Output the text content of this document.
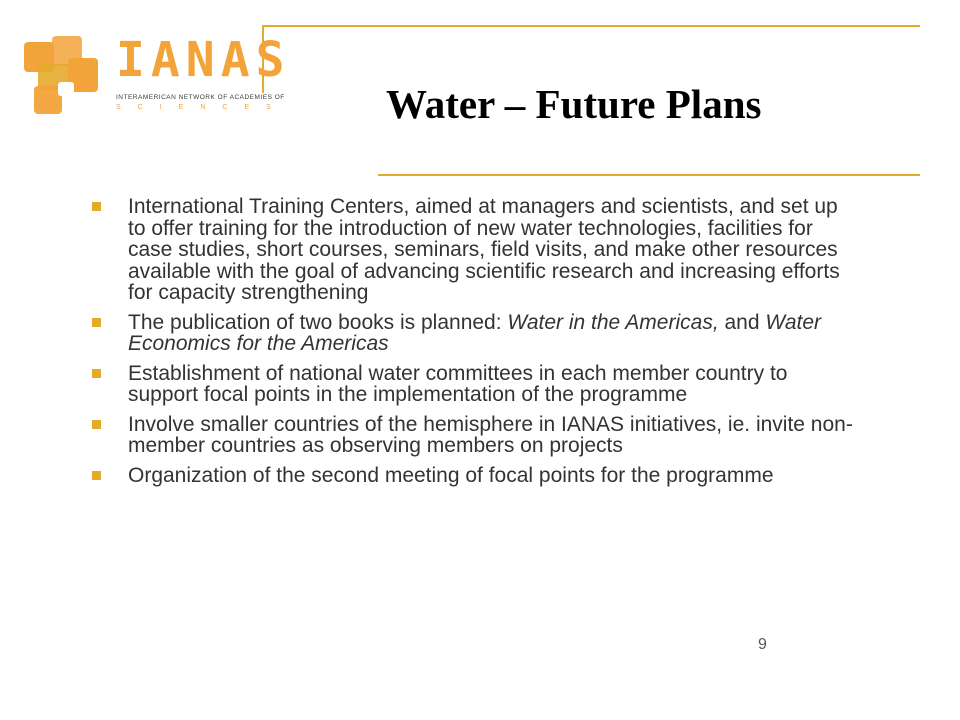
IANAS
INTERAMERICAN NETWORK OF ACADEMIES OF
SCIENCES Water – Future Plans
International Training Centers, aimed at managers and scientists, and set up to offer training for the introduction of new water technologies, facilities for case studies, short courses, seminars, field visits, and make other resources available with the goal of advancing scientific research and increasing efforts for capacity strengthening
The publication of two books is planned: Water in the Americas, and Water Economics for the Americas
Establishment of national water committees in each member country to support focal points in the implementation of the programme
Involve smaller countries of the hemisphere in IANAS initiatives, ie. invite non-member countries as observing members on projects
Organization of the second meeting of focal points for the programme
9
